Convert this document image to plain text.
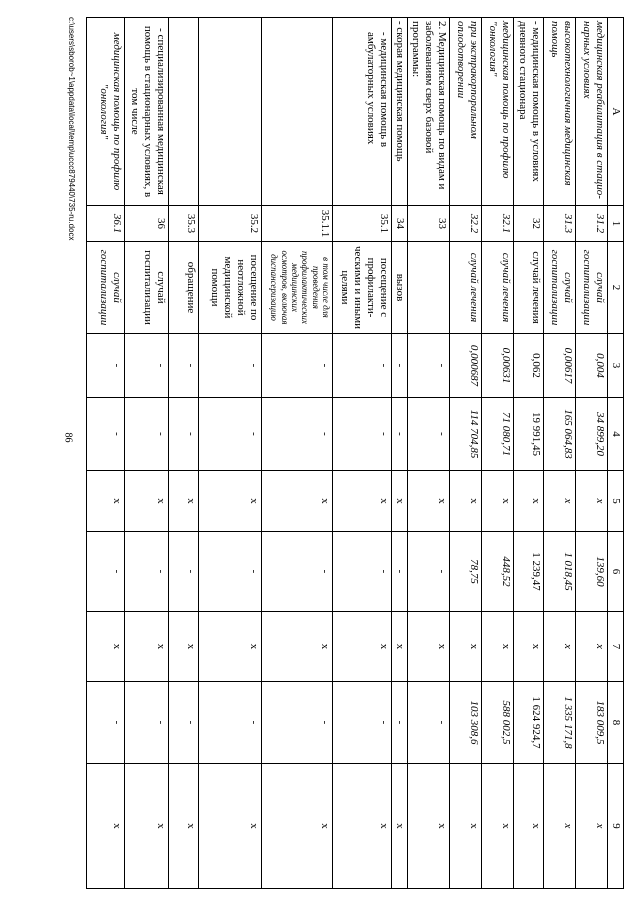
86
A	1	2	3	4	5	6	7	8	9
медицинская реабилитация в стацио-нарных условиях	31.2	случай госпитализации	0,004	34 899,20	х	139,60	х	183 009,5	х
высокотехнологичная медицинская помощь	31.3	случай госпитализации	0,00617	165 064,83	х	1 018,45	х	1 335 171,8	х
- медицинская помощь в условиях дневного стационара	32	случай лечения	0,062	19 991,45	х	1 239,47	х	1 624 924,7	х
медицинская помощь по профилю "онкология"	32.1	случай лечения	0,00631	71 080,71	х	448,52	х	588 002,5	х
при экстракорпоральном оплодотворении	32.2	случай лечения	0,000687	114 704,85	х	78,75	х	103 308,6	х
2. Медицинская помощь по видам и заболеваниям сверх базовой программы:	33		-	-	х	-	х	-	х
- скорая медицинская помощь	34	вызов	-	-	х	-	х	-	х
- медицинская помощь в амбулаторных условиях	35.1	посещение с профилакти-ческими и иными целями	-	-	х	-	х	-	х
	35.1.1	в том числе для проведения профилактических медицинских осмотров, включая диспансеризацию	-	-	х	-	х	-	х
	35.2	посещение по неотложной медицинской помощи	-	-	х	-	х	-	х
	35.3	обращение	-	-	х	-	х	-	х
- специализированная медицинская помощь в стационарных условиях, в том числе	36	случай госпитализации	-	-	х	-	х	-	х
медицинская помощь по профилю "онкология"	36.1	случай госпитализации	-	-	х	-	х	-	х
c:\users\sborob~1\appdata\local\temp\uccc879440\735-ru.docx
